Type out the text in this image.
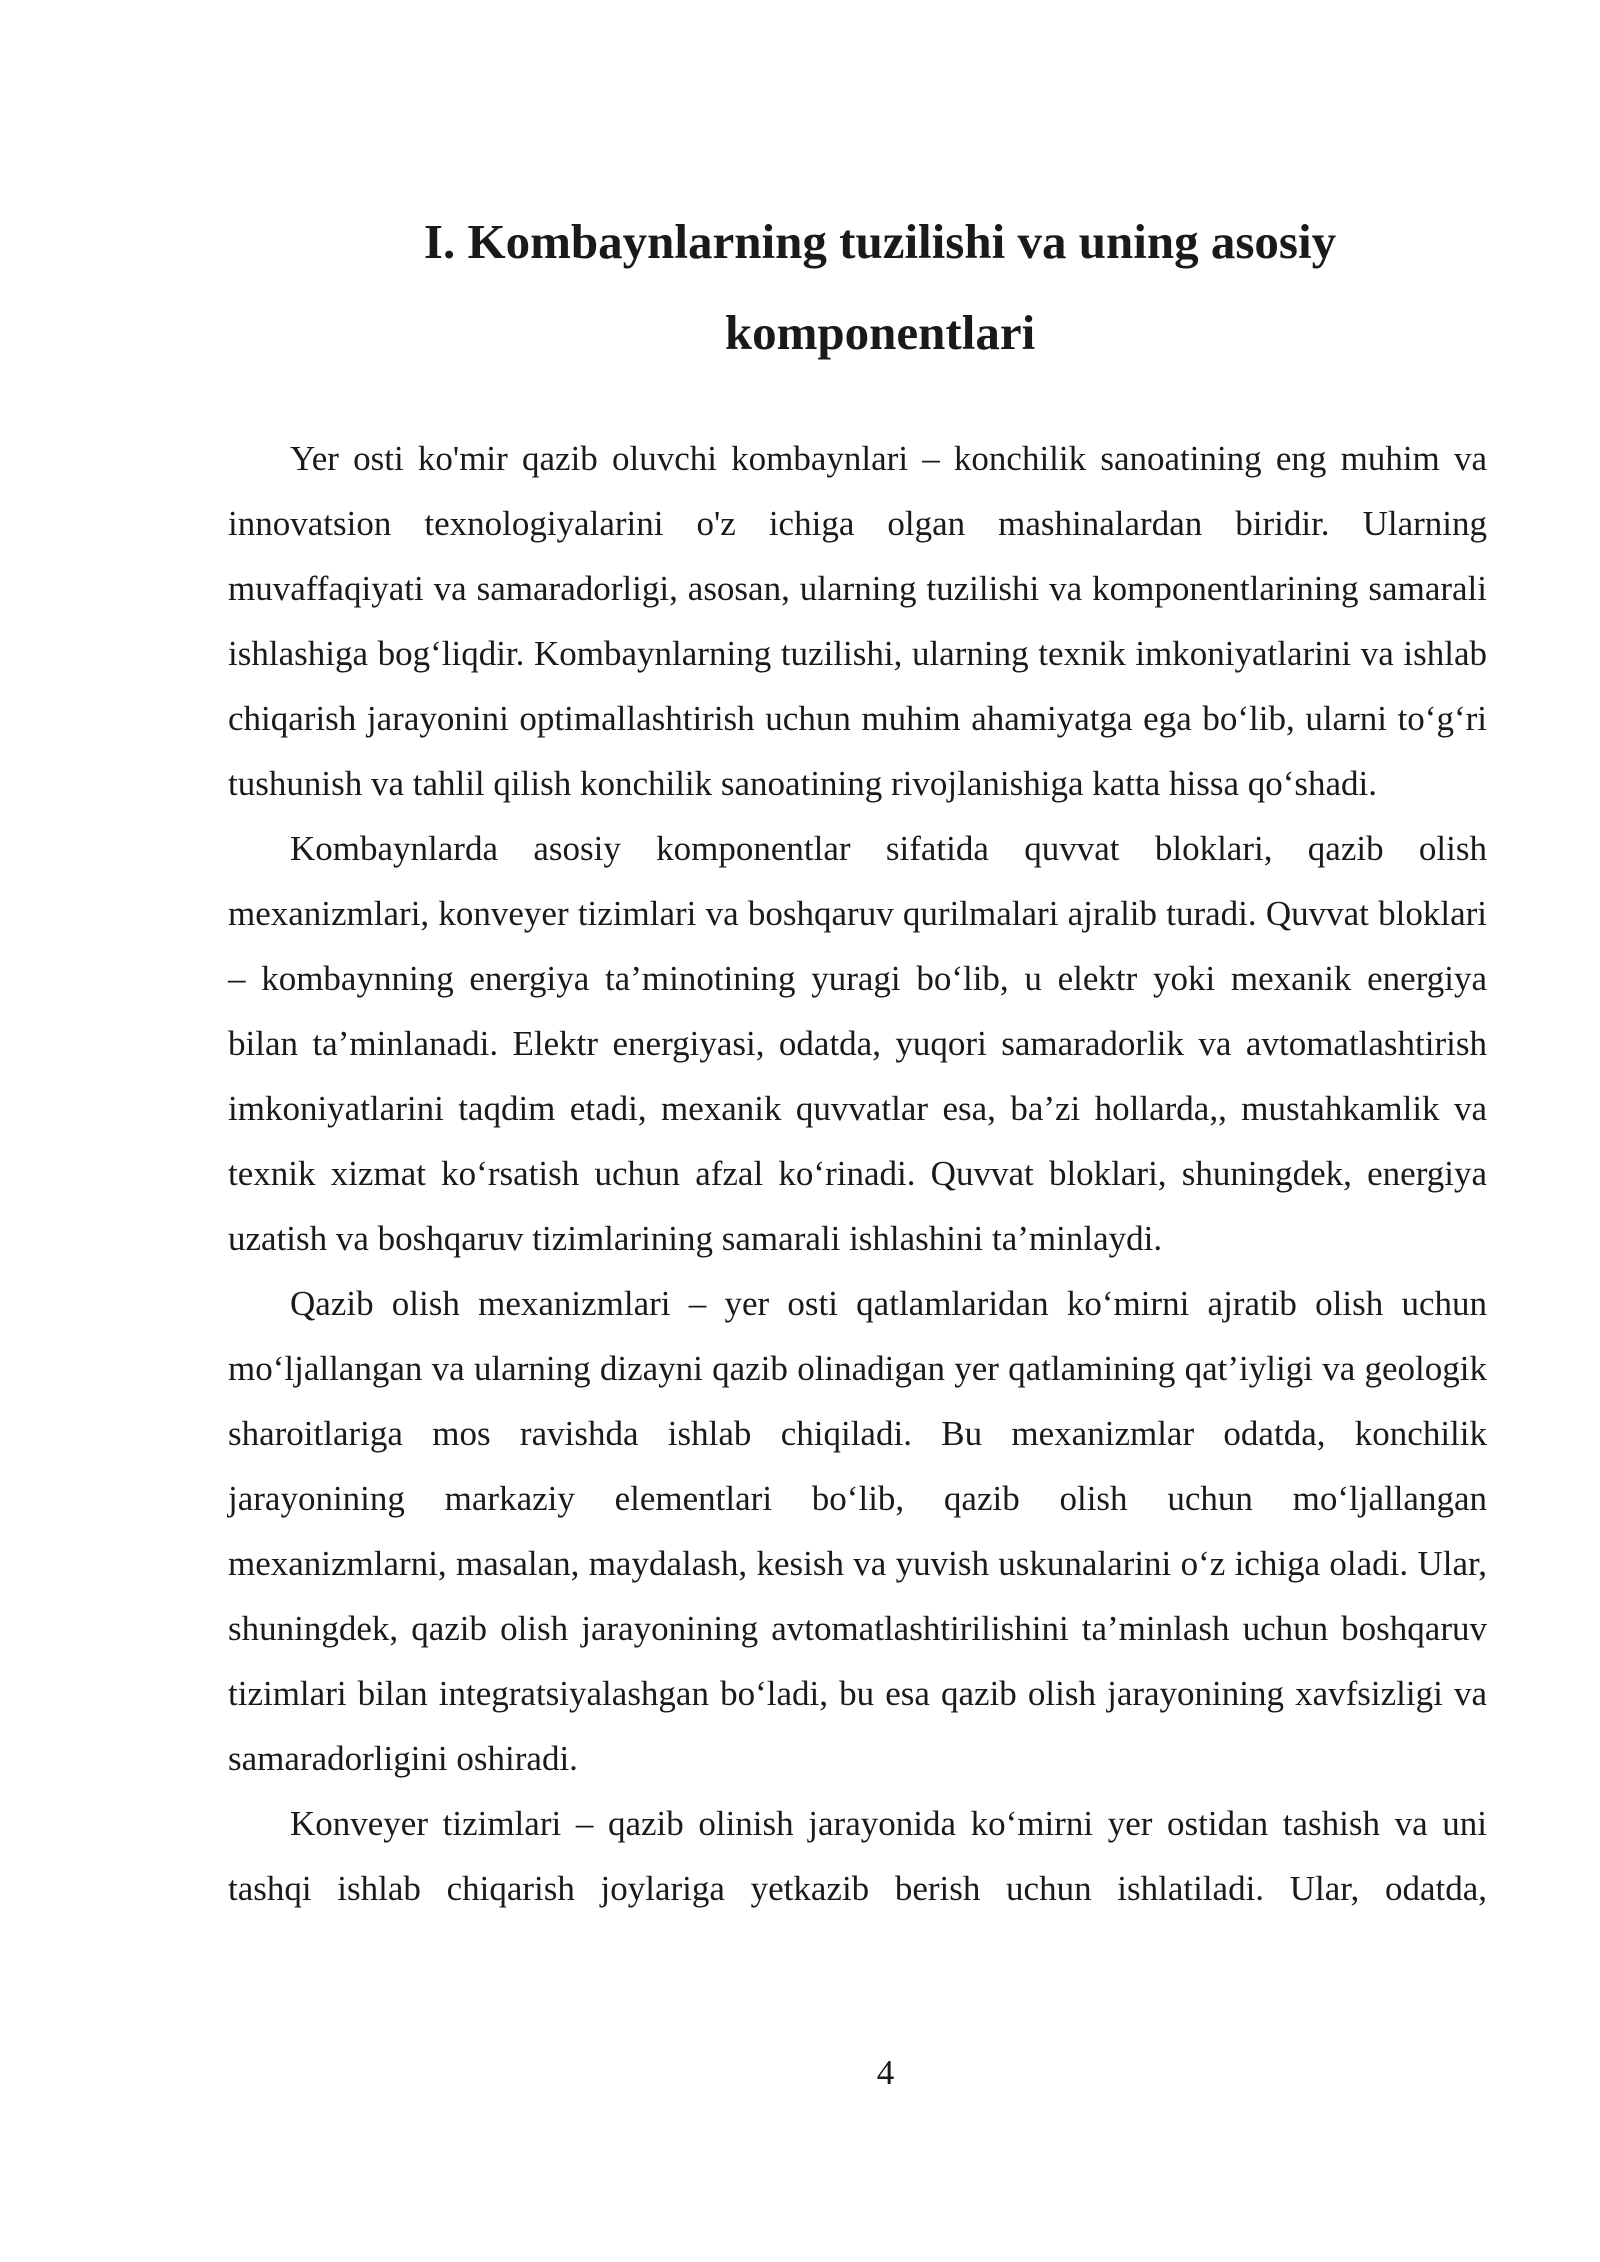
I. Kombaynlarning tuzilishi va uning asosiy komponentlari

Yer osti ko'mir qazib oluvchi kombaynlari – konchilik sanoatining eng muhim va innovatsion texnologiyalarini o'z ichiga olgan mashinalardan biridir. Ularning muvaffaqiyati va samaradorligi, asosan, ularning tuzilishi va komponentlarining samarali ishlashiga bog‘liqdir. Kombaynlarning tuzilishi, ularning texnik imkoniyatlarini va ishlab chiqarish jarayonini optimallashtirish uchun muhim ahamiyatga ega bo‘lib, ularni to‘g‘ri tushunish va tahlil qilish konchilik sanoatining rivojlanishiga katta hissa qo‘shadi.

Kombaynlarda asosiy komponentlar sifatida quvvat bloklari, qazib olish mexanizmlari, konveyer tizimlari va boshqaruv qurilmalari ajralib turadi. Quvvat bloklari – kombaynning energiya ta’minotining yuragi bo‘lib, u elektr yoki mexanik energiya bilan ta’minlanadi. Elektr energiyasi, odatda, yuqori samaradorlik va avtomatlashtirish imkoniyatlarini taqdim etadi, mexanik quvvatlar esa, ba’zi hollarda,, mustahkamlik va texnik xizmat ko‘rsatish uchun afzal ko‘rinadi. Quvvat bloklari, shuningdek, energiya uzatish va boshqaruv tizimlarining samarali ishlashini ta’minlaydi.

Qazib olish mexanizmlari – yer osti qatlamlaridan ko‘mirni ajratib olish uchun mo‘ljallangan va ularning dizayni qazib olinadigan yer qatlamining qat’iyligi va geologik sharoitlariga mos ravishda ishlab chiqiladi. Bu mexanizmlar odatda, konchilik jarayonining markaziy elementlari bo‘lib, qazib olish uchun mo‘ljallangan mexanizmlarni, masalan, maydalash, kesish va yuvish uskunalarini o‘z ichiga oladi. Ular, shuningdek, qazib olish jarayonining avtomatlashtirilishini ta’minlash uchun boshqaruv tizimlari bilan integratsiyalashgan bo‘ladi, bu esa qazib olish jarayonining xavfsizligi va samaradorligini oshiradi.

Konveyer tizimlari – qazib olinish jarayonida ko‘mirni yer ostidan tashish va uni tashqi ishlab chiqarish joylariga yetkazib berish uchun ishlatiladi. Ular, odatda,

4
